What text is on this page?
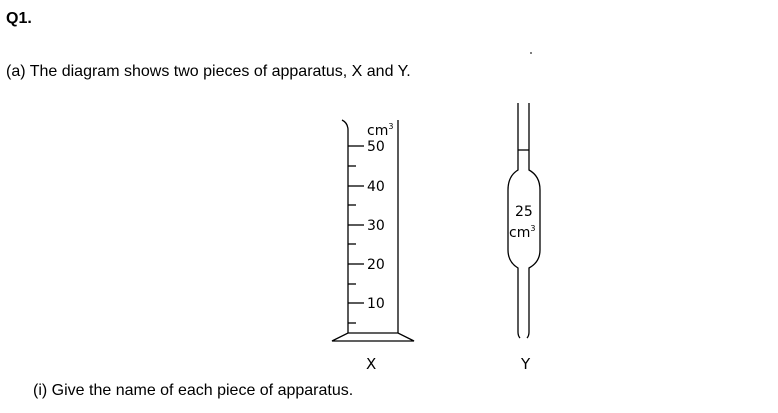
Q1.
(a) The diagram shows two pieces of apparatus, X and Y.
$cm^3$
50
40
30
20
10
X
25
$cm^3$
Y
(i) Give the name of each piece of apparatus.
